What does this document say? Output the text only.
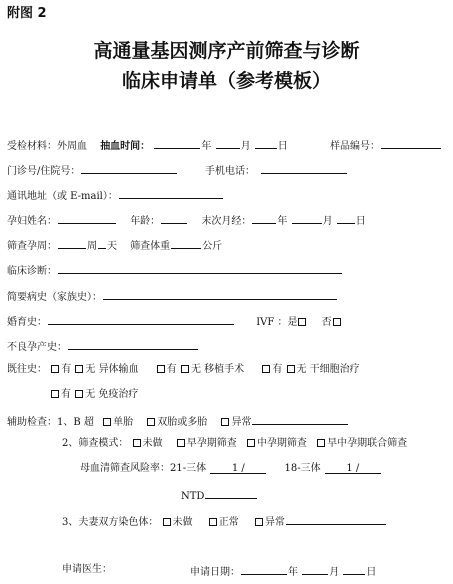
附图 2
高通量基因测序产前筛查与诊断
临床申请单（参考模板）
受检材料：外周血 抽血时间：	年	月	日	样品编号：
门诊号/住院号：	手机电话：
通讯地址（或 E-mail）：
孕妇姓名：	年龄：	末次月经：	年	月 日
筛查孕周：	周 天 筛查体重	公斤
临床诊断：
简要病史（家族史）：
婚育史：	IVF ：是 否
不良孕产史：
既往史： 有 无 异体输血	有 无 移植手术	有 无 干细胞治疗
有 无 免疫治疗
辅助检查：1、B 超 单胎 双胎或多胎 异常
2、筛查模式： 未做 早孕期筛查 中孕期筛查 早中孕期联合筛查
母血清筛查风险率：21-三体	1 /	18-三体	1 /
NTD
3、夫妻双方染色体： 未做	正常	异常
申请医生：	申请日期：	年	月	日
